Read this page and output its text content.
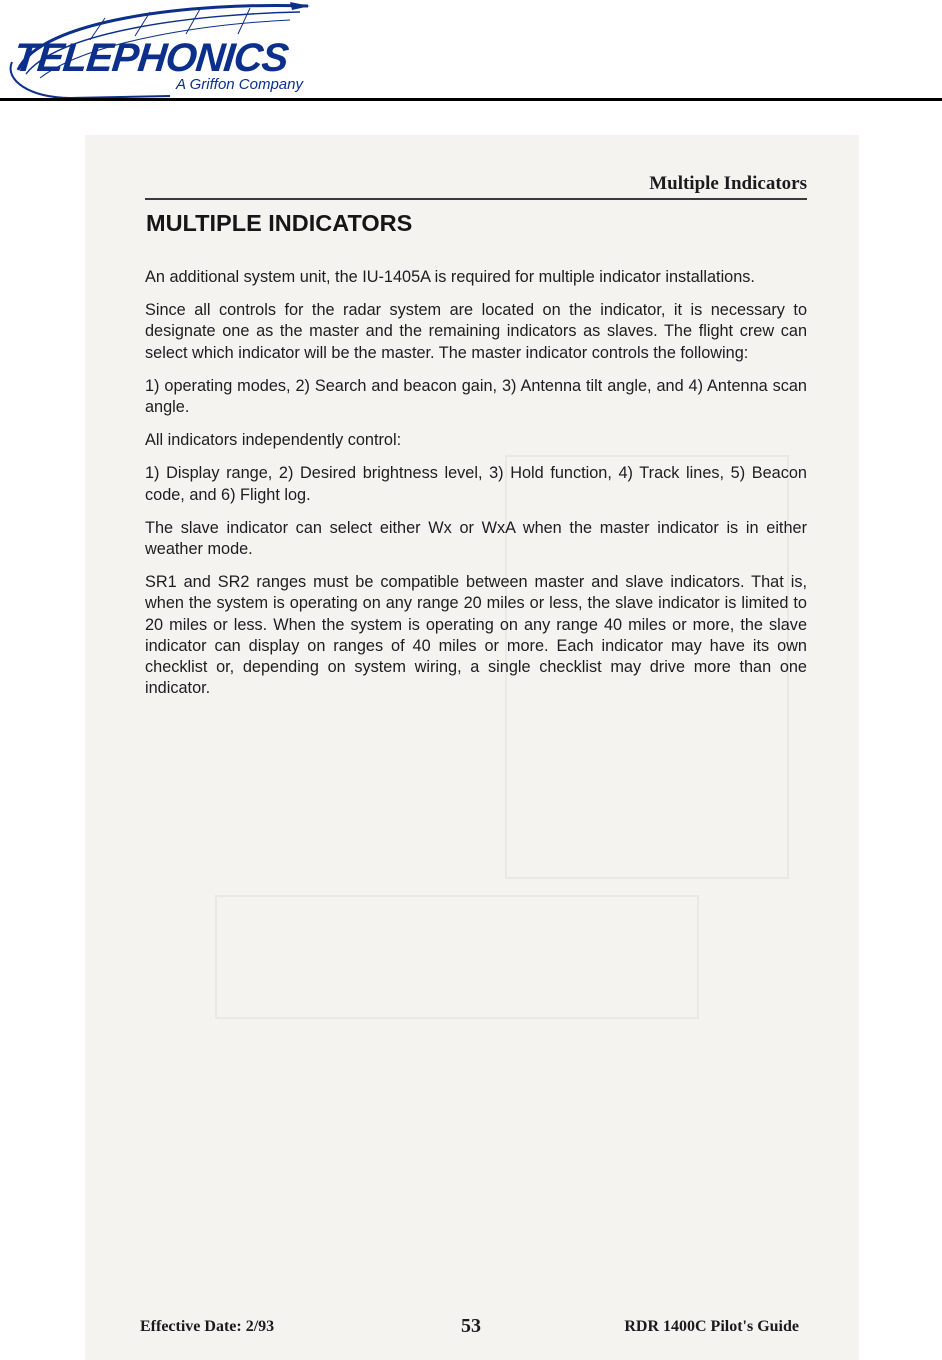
TELEPHONICS
A Griffon Company
Multiple Indicators
MULTIPLE INDICATORS

An additional system unit, the IU-1405A is required for multiple indicator installations.

Since all controls for the radar system are located on the indicator, it is necessary to designate one as the master and the remaining indicators as slaves. The flight crew can select which indicator will be the master. The master indicator controls the following:

1) operating modes, 2) Search and beacon gain, 3) Antenna tilt angle, and 4) Antenna scan angle.

All indicators independently control:

1) Display range, 2) Desired brightness level, 3) Hold function, 4) Track lines, 5) Beacon code, and 6) Flight log.

The slave indicator can select either Wx or WxA when the master indicator is in either weather mode.

SR1 and SR2 ranges must be compatible between master and slave indicators. That is, when the system is operating on any range 20 miles or less, the slave indicator is limited to 20 miles or less. When the system is operating on any range 40 miles or more, the slave indicator can display on ranges of 40 miles or more. Each indicator may have its own checklist or, depending on system wiring, a single checklist may drive more than one indicator.

Effective Date: 2/93	53	RDR 1400C Pilot's Guide
